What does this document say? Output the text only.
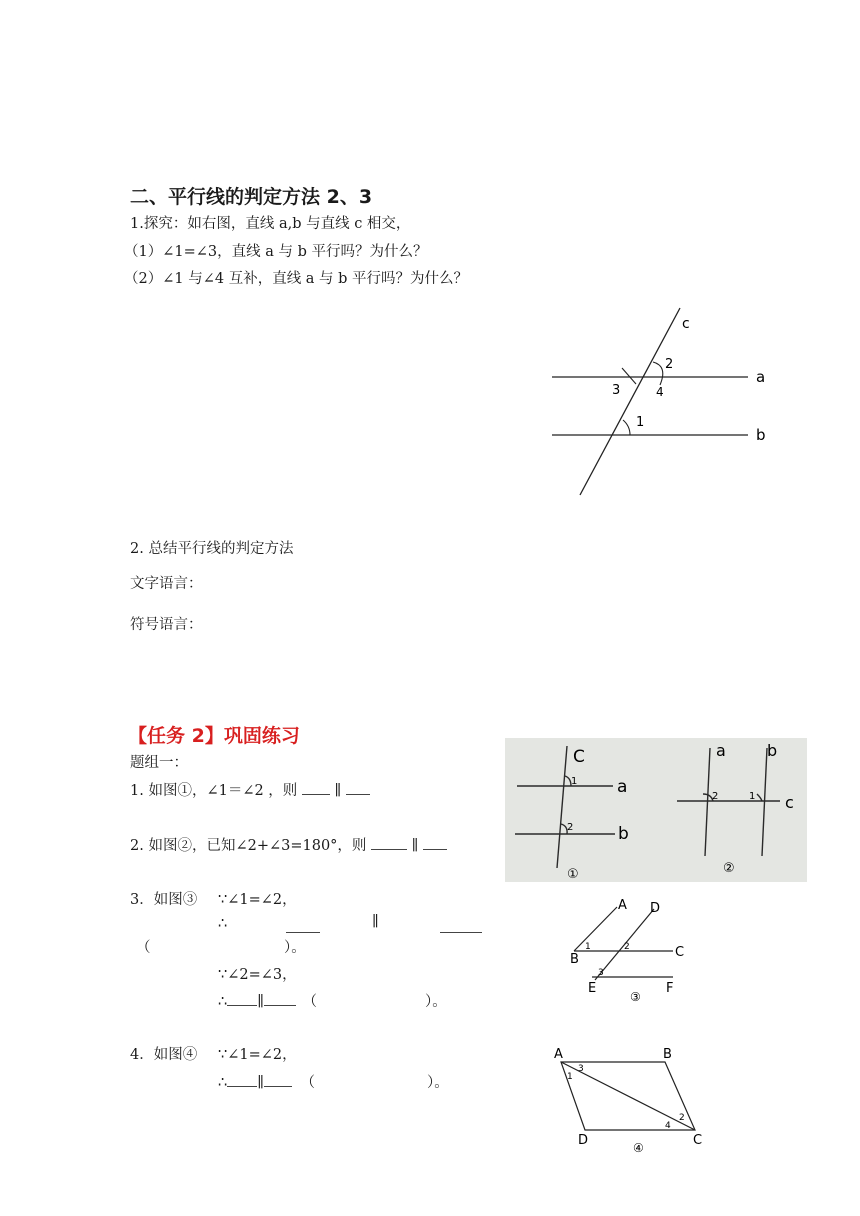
二、平行线的判定方法 2、3
1.探究：如右图，直线 a,b 与直线 c 相交，
（1）∠1=∠3，直线 a 与 b 平行吗？为什么？
（2）∠1 与∠4 互补，直线 a 与 b 平行吗？为什么？
c
a
b
2
3	4
1
2. 总结平行线的判定方法
文字语言：
符号语言：
【任务 2】巩固练习
题组一：
1. 如图①，∠1＝∠2 ，则	∥
2. 如图②，已知∠2+∠3=180°，则	∥
C
1 a
2	b
①
a	b
2	1 c
②
3．如图③ ∵∠1=∠2，
∴	∥
（	）。
∵∠2=∠3，
∴ ∥	（	）。
A D
B	C
E	F
1	2
3
③
4．如图④ ∵∠1=∠2，
∴ ∥	（	）。
A	B
C
D
1
3
2
4
④
